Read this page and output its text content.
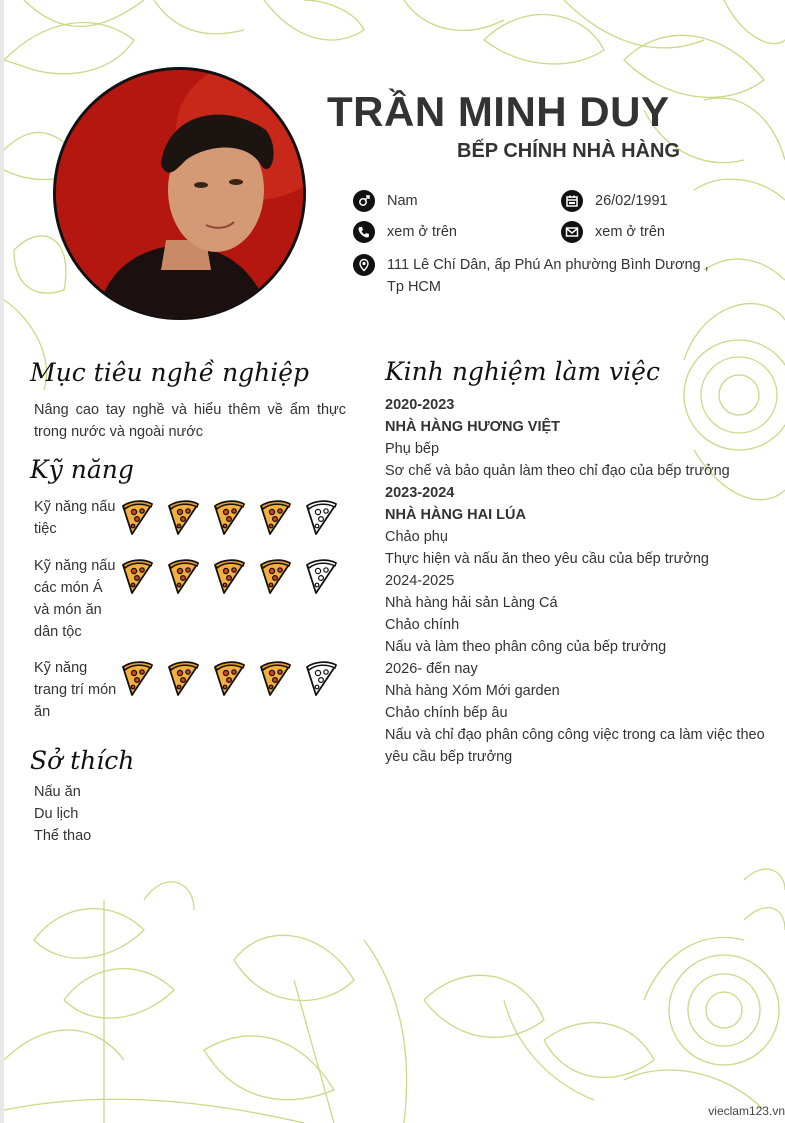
TRẦN MINH DUY
BẾP CHÍNH NHÀ HÀNG
Nam	26/02/1991
xem ở trên	xem ở trên
111 Lê Chí Dân, ấp Phú An phường Bình Dương ,
Tp HCM
Mục tiêu nghề nghiệp
Nâng cao tay nghề và hiểu thêm về ẩm thực trong nước và ngoài nước
Kỹ năng
Kỹ năng nấu tiệc
Kỹ năng nấu các món Á và món ăn dân tộc
Kỹ năng trang trí món ăn
Sở thích
Nấu ăn
Du lịch
Thể thao
Kinh nghiệm làm việc
2020-2023
NHÀ HÀNG HƯƠNG VIỆT
Phụ bếp
Sơ chế và bảo quản làm theo chỉ đạo của bếp trưởng
2023-2024
NHÀ HÀNG HAI LÚA
Chảo phụ
Thực hiện và nấu ăn theo yêu cầu của bếp trưởng
2024-2025
Nhà hàng hải sản Làng Cá
Chảo chính
Nấu và làm theo phân công của bếp trưởng
2026- đến nay
Nhà hàng Xóm Mới garden
Chảo chính bếp âu
Nấu và chỉ đạo phân công công việc trong ca làm việc theo yêu cầu bếp trưởng
vieclam123.vn
